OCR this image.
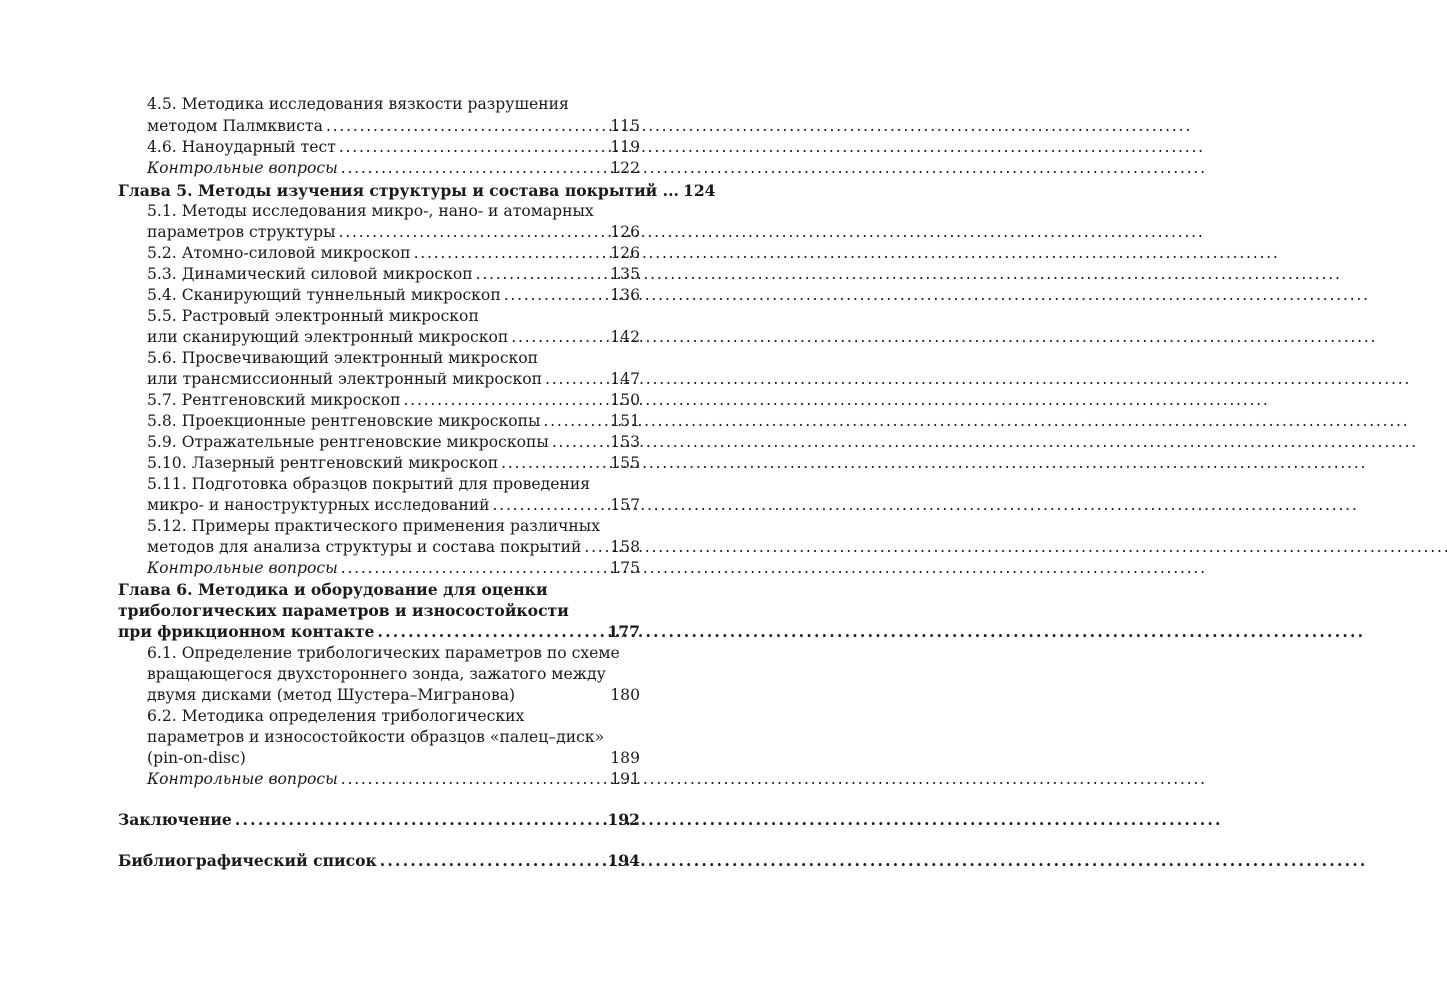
4.5. Методика исследования вязкости разрушения
методом Палмквиста . . .	115
4.6. Наноударный тест . . .	119
Контрольные вопросы . . .	122
Глава 5. Методы изучения структуры и состава покрытий ... 124
5.1. Методы исследования микро-, нано- и атомарных
параметров структуры . . .	126
5.2. Атомно-силовой микроскоп . . .	126
5.3. Динамический силовой микроскоп . . .	135
5.4. Сканирующий туннельный микроскоп . . .	136
5.5. Растровый электронный микроскоп
или сканирующий электронный микроскоп . . .	142
5.6. Просвечивающий электронный микроскоп
или трансмиссионный электронный микроскоп . . .	147
5.7. Рентгеновский микроскоп . . .	150
5.8. Проекционные рентгеновские микроскопы . . .	151
5.9. Отражательные рентгеновские микроскопы . . .	153
5.10. Лазерный рентгеновский микроскоп . . .	155
5.11. Подготовка образцов покрытий для проведения
микро- и наноструктурных исследований . . .	157
5.12. Примеры практического применения различных
методов для анализа структуры и состава покрытий . . . 158
Контрольные вопросы . . .	175
Глава 6. Методика и оборудование для оценки
трибологических параметров и износостойкости
при фрикционном контакте . . .	177
6.1. Определение трибологических параметров по схеме
вращающегося двухстороннего зонда, зажатого между
двумя дисками (метод Шустера–Мигранова)	180
6.2. Методика определения трибологических
параметров и износостойкости образцов «палец–диск»
(pin-on-disc)	189
Контрольные вопросы . . .	191
Заключение . . .	192
Библиографический список . . .	194
